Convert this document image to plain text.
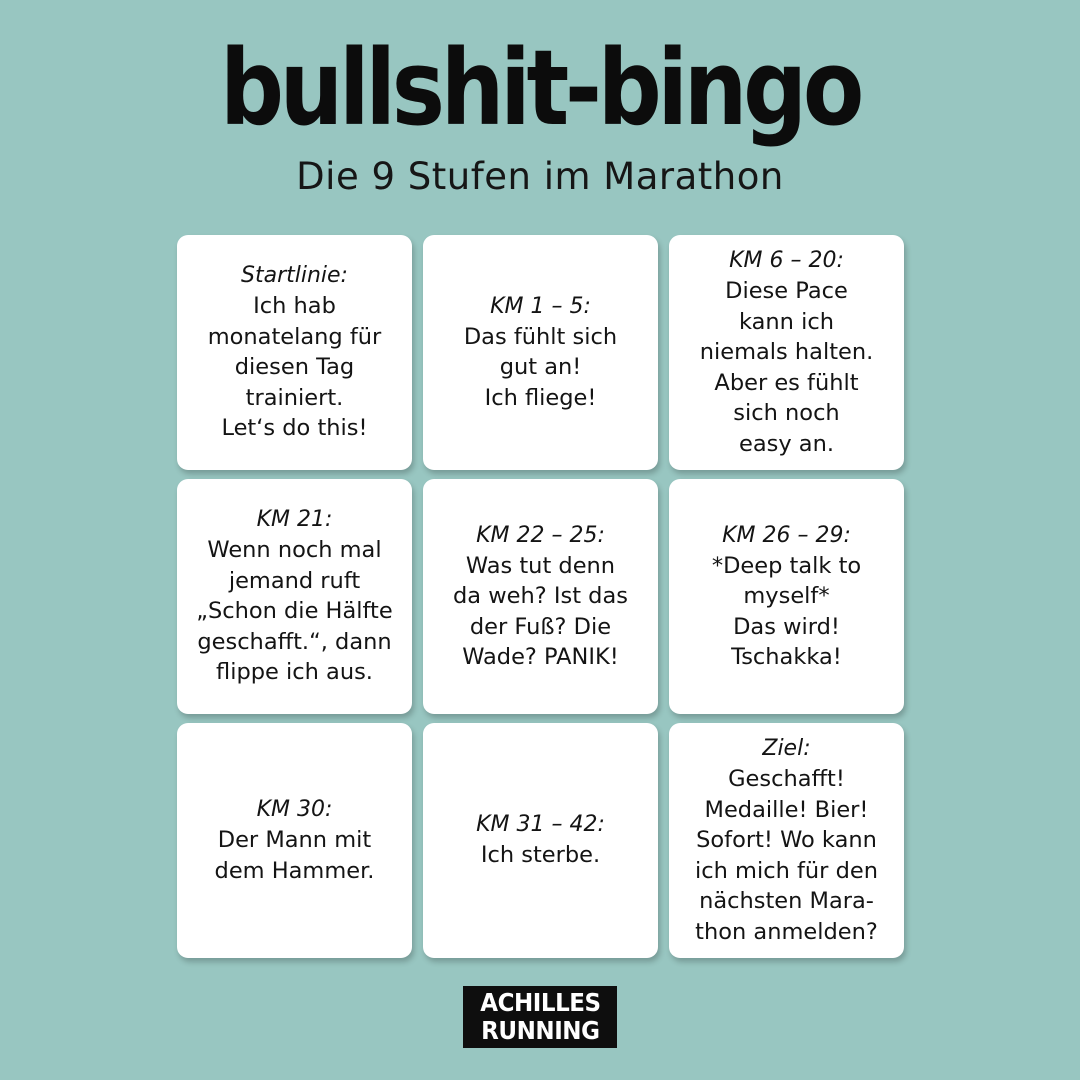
bullshit-bingo
Die 9 Stufen im Marathon
Startlinie:
Ich hab
monatelang für
diesen Tag
trainiert.
Let‘s do this!
KM 1 – 5:
Das fühlt sich
gut an!
Ich fliege!
KM 6 – 20:
Diese Pace
kann ich
niemals halten.
Aber es fühlt
sich noch
easy an.
KM 21:
Wenn noch mal
jemand ruft
„Schon die Hälfte
geschafft.“, dann
flippe ich aus.
KM 22 – 25:
Was tut denn
da weh? Ist das
der Fuß? Die
Wade? PANIK!
KM 26 – 29:
*Deep talk to
myself*
Das wird!
Tschakka!
KM 30:
Der Mann mit
dem Hammer.
KM 31 – 42:
Ich sterbe.
Ziel:
Geschafft!
Medaille! Bier!
Sofort! Wo kann
ich mich für den
nächsten Mara-
thon anmelden?
ACHILLES
RUNNING
